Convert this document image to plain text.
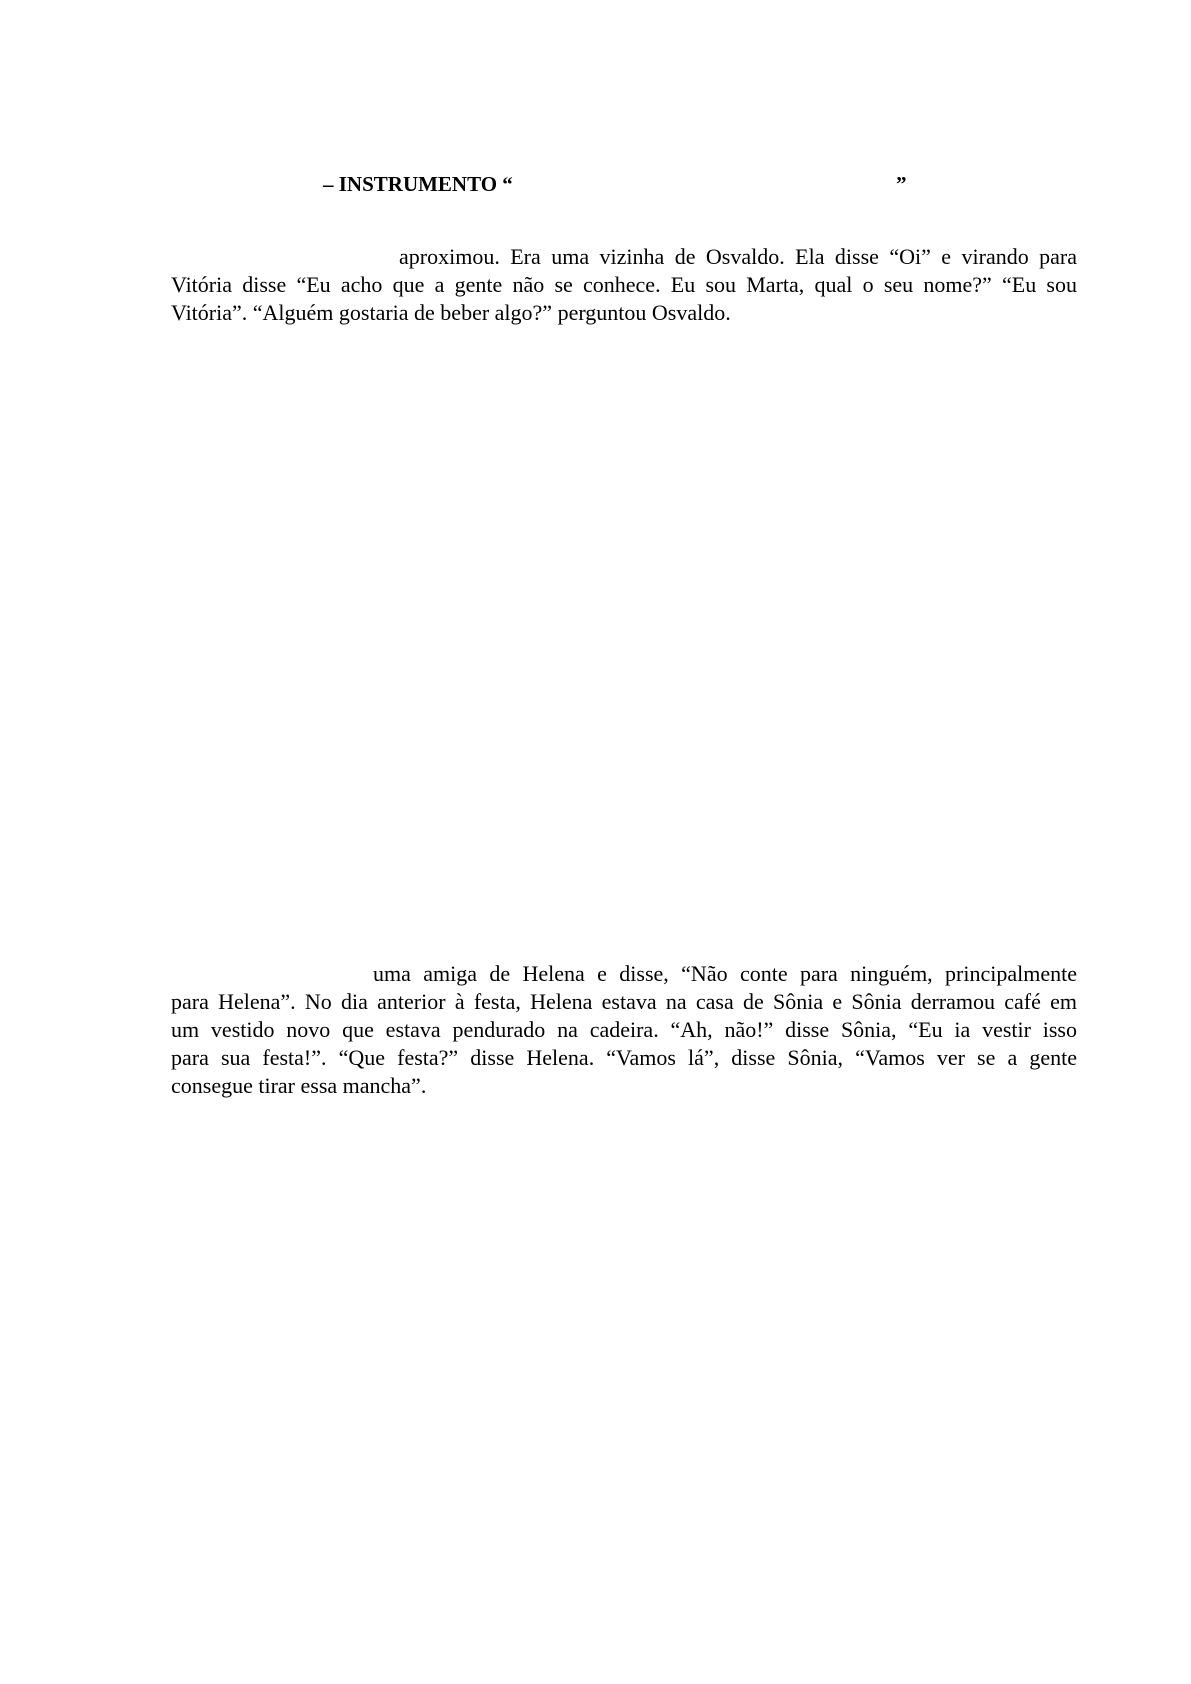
– INSTRUMENTO “	”
aproximou. Era uma vizinha de Osvaldo. Ela disse “Oi” e virando para
Vitória disse “Eu acho que a gente não se conhece. Eu sou Marta, qual o seu nome?” “Eu sou
Vitória”. “Alguém gostaria de beber algo?” perguntou Osvaldo.
uma amiga de Helena e disse, “Não conte para ninguém, principalmente
para Helena”. No dia anterior à festa, Helena estava na casa de Sônia e Sônia derramou café em
um vestido novo que estava pendurado na cadeira. “Ah, não!” disse Sônia, “Eu ia vestir isso
para sua festa!”. “Que festa?” disse Helena. “Vamos lá”, disse Sônia, “Vamos ver se a gente
consegue tirar essa mancha”.
